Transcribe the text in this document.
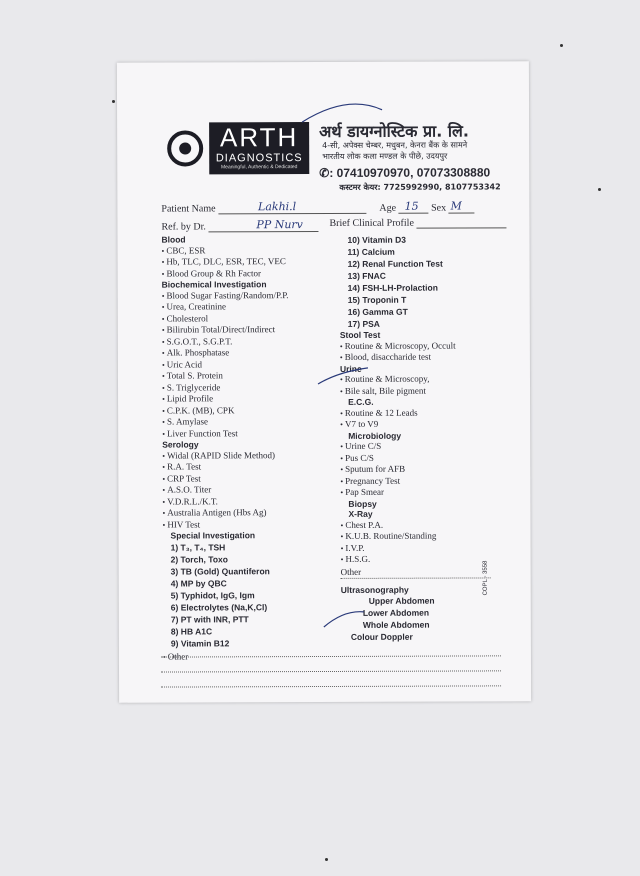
ARTH
DIAGNOSTICS
Meaningful, Authentic & Dedicated
अर्थ डायग्नोस्टिक प्रा. लि.
4-सी, अपेक्स चेम्बर, मधुबन, केनरा बैंक के सामने
भारतीय लोक कला मण्डल के पीछे, उदयपुर
✆: 07410970970, 07073308880
कस्टमर केयर: 7725992990, 8107753342
Patient Name	Lakhi.l	Age 15 Sex M
Ref. by Dr.	PP Nurv	Brief Clinical Profile
Blood
• CBC, ESR
• Hb, TLC, DLC, ESR, TEC, VEC
• Blood Group & Rh Factor
Biochemical Investigation
• Blood Sugar Fasting/Random/P.P.
• Urea, Creatinine
• Cholesterol
• Bilirubin Total/Direct/Indirect
• S.G.O.T., S.G.P.T.
• Alk. Phosphatase
• Uric Acid
• Total S. Protein
• S. Triglyceride
• Lipid Profile
• C.P.K. (MB), CPK
• S. Amylase
• Liver Function Test
Serology
• Widal (RAPID Slide Method)
• R.A. Test
• CRP Test
• A.S.O. Titer
• V.D.R.L./K.T.
• Australia Antigen (Hbs Ag)
• HIV Test
Special Investigation
1) T₃, T₄, TSH
2) Torch, Toxo
3) TB (Gold) Quantiferon
4) MP by QBC
5) Typhidot, IgG, Igm
6) Electrolytes (Na,K,Cl)
7) PT with INR, PTT
8) HB A1C
9) Vitamin B12
• Other
10) Vitamin D3
11) Calcium
12) Renal Function Test
13) FNAC
14) FSH-LH-Prolaction
15) Troponin T
16) Gamma GT
17) PSA
Stool Test
• Routine & Microscopy, Occult
• Blood, disaccharide test
Urine
• Routine & Microscopy,
• Bile salt, Bile pigment
E.C.G.
• Routine & 12 Leads
• V7 to V9
Microbiology
• Urine C/S
• Pus C/S
• Sputum for AFB
• Pregnancy Test
• Pap Smear
Biopsy
X-Ray
• Chest P.A.
• K.U.B. Routine/Standing
• I.V.P.
• H.S.G.
Other
Ultrasonography
Upper Abdomen
Lower Abdomen
Whole Abdomen
Colour Doppler
COPL - 3558
